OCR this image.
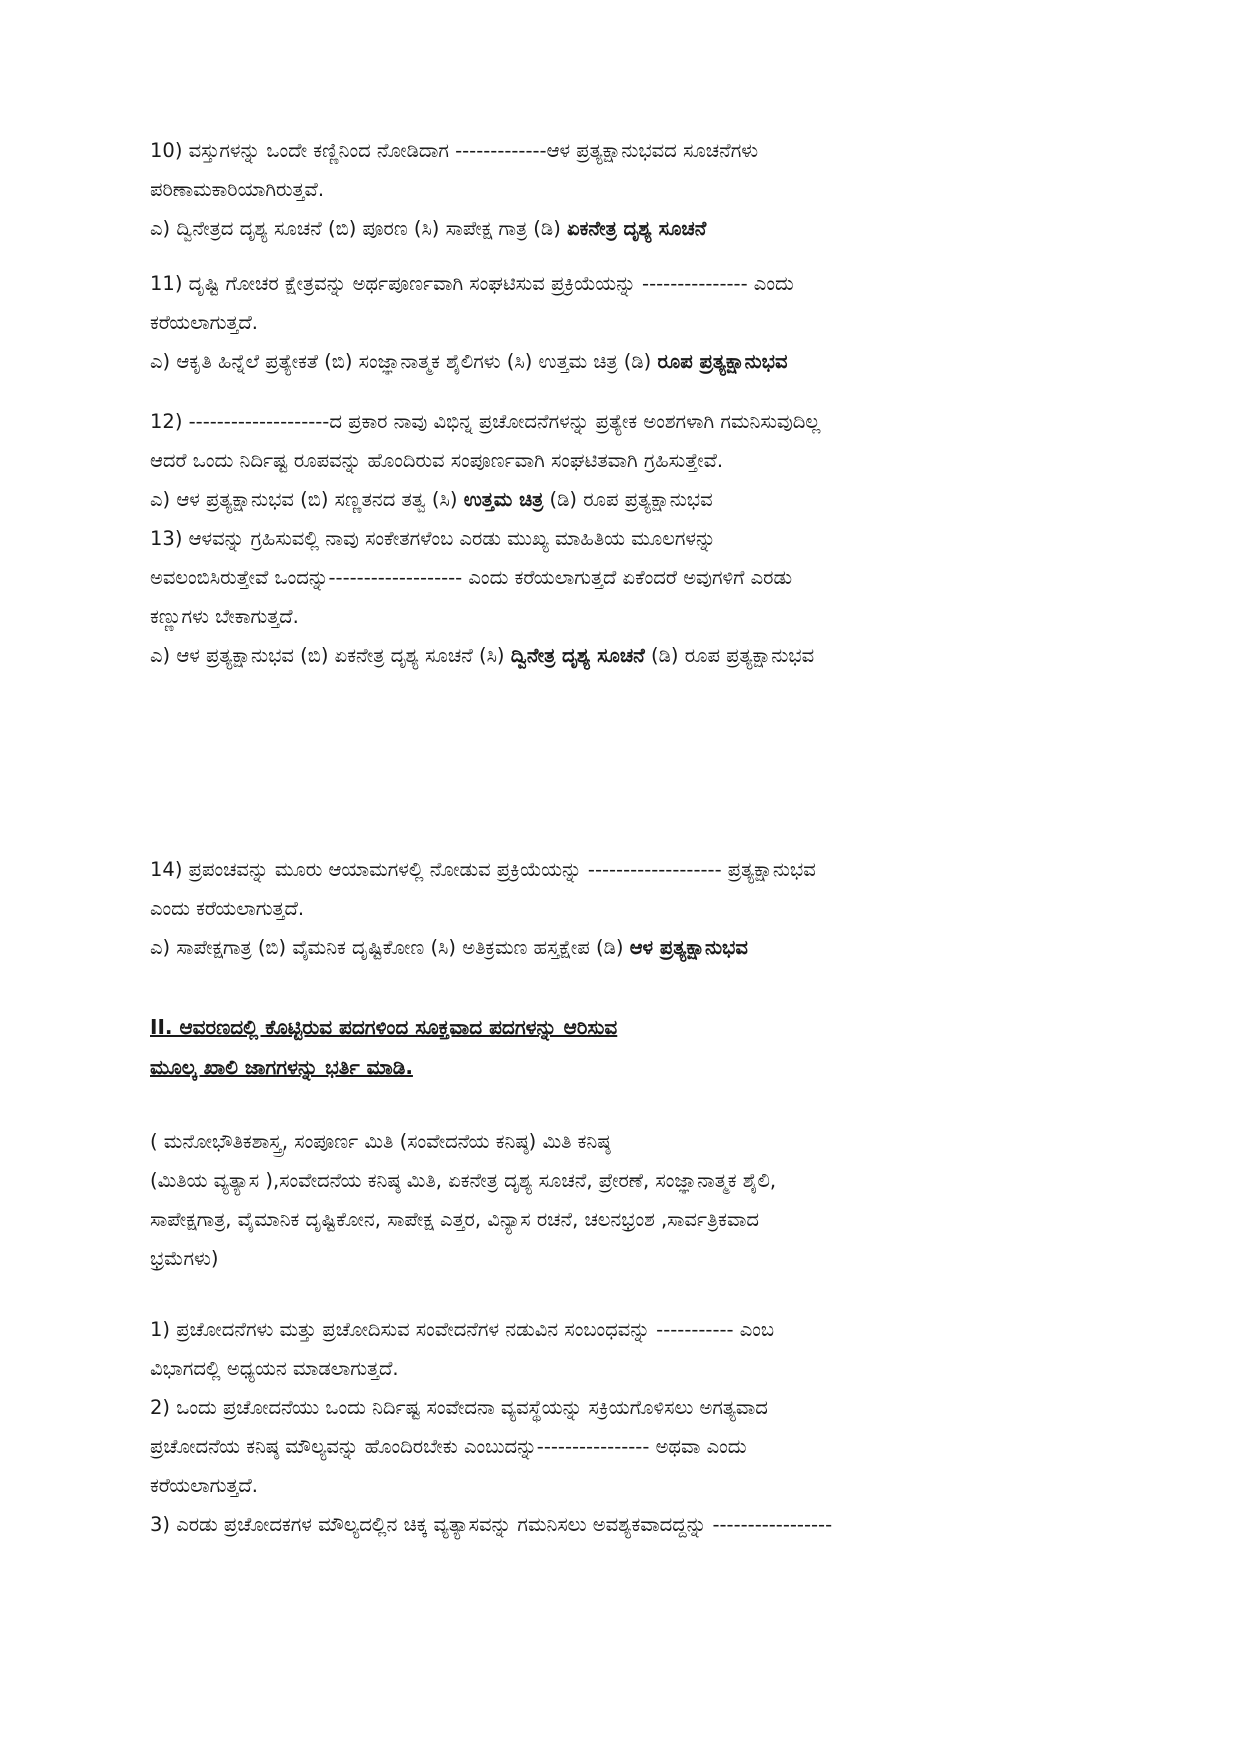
10) ವಸ್ತುಗಳನ್ನು ಒಂದೇ ಕಣ್ಣಿನಿಂದ ನೋಡಿದಾಗ -------------ಆಳ ಪ್ರತ್ಯಕ್ಷಾನುಭವದ ಸೂಚನೆಗಳು
ಪರಿಣಾಮಕಾರಿಯಾಗಿರುತ್ತವೆ.
ಎ) ದ್ವಿನೇತ್ರದ ದೃಶ್ಯ ಸೂಚನೆ (ಬಿ) ಪೂರಣ (ಸಿ) ಸಾಪೇಕ್ಷ ಗಾತ್ರ (ಡಿ) ಏಕನೇತ್ರ ದೃಶ್ಯ ಸೂಚನೆ
11) ದೃಷ್ಟಿ ಗೋಚರ ಕ್ಷೇತ್ರವನ್ನು ಅರ್ಥಪೂರ್ಣವಾಗಿ ಸಂಘಟಿಸುವ ಪ್ರಕ್ರಿಯೆಯನ್ನು --------------- ಎಂದು
ಕರೆಯಲಾಗುತ್ತದೆ.
ಎ) ಆಕೃತಿ ಹಿನ್ನೆಲೆ ಪ್ರತ್ಯೇಕತೆ (ಬಿ) ಸಂಜ್ಞಾನಾತ್ಮಕ ಶೈಲಿಗಳು (ಸಿ) ಉತ್ತಮ ಚಿತ್ರ (ಡಿ) ರೂಪ ಪ್ರತ್ಯಕ್ಷಾನುಭವ
12) --------------------ದ ಪ್ರಕಾರ ನಾವು ವಿಭಿನ್ನ ಪ್ರಚೋದನೆಗಳನ್ನು ಪ್ರತ್ಯೇಕ ಅಂಶಗಳಾಗಿ ಗಮನಿಸುವುದಿಲ್ಲ
ಆದರೆ ಒಂದು ನಿರ್ದಿಷ್ಟ ರೂಪವನ್ನು ಹೊಂದಿರುವ ಸಂಪೂರ್ಣವಾಗಿ ಸಂಘಟಿತವಾಗಿ ಗ್ರಹಿಸುತ್ತೇವೆ.
ಎ) ಆಳ ಪ್ರತ್ಯಕ್ಷಾನುಭವ (ಬಿ) ಸಣ್ಣತನದ ತತ್ವ (ಸಿ) ಉತ್ತಮ ಚಿತ್ರ (ಡಿ) ರೂಪ ಪ್ರತ್ಯಕ್ಷಾನುಭವ
13) ಆಳವನ್ನು ಗ್ರಹಿಸುವಲ್ಲಿ ನಾವು ಸಂಕೇತಗಳೆಂಬ ಎರಡು ಮುಖ್ಯ ಮಾಹಿತಿಯ ಮೂಲಗಳನ್ನು
ಅವಲಂಬಿಸಿರುತ್ತೇವೆ ಒಂದನ್ನು------------------- ಎಂದು ಕರೆಯಲಾಗುತ್ತದೆ ಏಕೆಂದರೆ ಅವುಗಳಿಗೆ ಎರಡು
ಕಣ್ಣುಗಳು ಬೇಕಾಗುತ್ತದೆ.
ಎ) ಆಳ ಪ್ರತ್ಯಕ್ಷಾನುಭವ (ಬಿ) ಏಕನೇತ್ರ ದೃಶ್ಯ ಸೂಚನೆ (ಸಿ) ದ್ವಿನೇತ್ರ ದೃಶ್ಯ ಸೂಚನೆ (ಡಿ) ರೂಪ ಪ್ರತ್ಯಕ್ಷಾನುಭವ
14) ಪ್ರಪಂಚವನ್ನು ಮೂರು ಆಯಾಮಗಳಲ್ಲಿ ನೋಡುವ ಪ್ರಕ್ರಿಯೆಯನ್ನು ------------------- ಪ್ರತ್ಯಕ್ಷಾನುಭವ
ಎಂದು ಕರೆಯಲಾಗುತ್ತದೆ.
ಎ) ಸಾಪೇಕ್ಷಗಾತ್ರ (ಬಿ) ವೈಮನಿಕ ದೃಷ್ಟಿಕೋಣ (ಸಿ) ಅತಿಕ್ರಮಣ ಹಸ್ತಕ್ಷೇಪ (ಡಿ) ಆಳ ಪ್ರತ್ಯಕ್ಷಾನುಭವ
II. ಆವರಣದಲ್ಲಿ ಕೊಟ್ಟಿರುವ ಪದಗಳಿಂದ ಸೂಕ್ತವಾದ ಪದಗಳನ್ನು ಆರಿಸುವ
ಮೂಲ್ಕ ಖಾಲಿ ಜಾಗಗಳನ್ನು ಭರ್ತಿ ಮಾಡಿ.
( ಮನೋಭೌತಿಕಶಾಸ್ತ್ರ, ಸಂಪೂರ್ಣ ಮಿತಿ (ಸಂವೇದನೆಯ ಕನಿಷ್ಠ) ಮಿತಿ ಕನಿಷ್ಠ
(ಮಿತಿಯ ವ್ಯತ್ಯಾಸ ),ಸಂವೇದನೆಯ ಕನಿಷ್ಠ ಮಿತಿ, ಏಕನೇತ್ರ ದೃಶ್ಯ ಸೂಚನೆ, ಪ್ರೇರಣೆ, ಸಂಜ್ಞಾನಾತ್ಮಕ ಶೈಲಿ,
ಸಾಪೇಕ್ಷಗಾತ್ರ, ವೈಮಾನಿಕ ದೃಷ್ಟಿಕೋನ, ಸಾಪೇಕ್ಷ ಎತ್ತರ, ವಿನ್ಯಾಸ ರಚನೆ, ಚಲನಭ್ರಂಶ ,ಸಾರ್ವತ್ರಿಕವಾದ
ಭ್ರಮೆಗಳು)
1) ಪ್ರಚೋದನೆಗಳು ಮತ್ತು ಪ್ರಚೋದಿಸುವ ಸಂವೇದನೆಗಳ ನಡುವಿನ ಸಂಬಂಧವನ್ನು ----------- ಎಂಬ
ವಿಭಾಗದಲ್ಲಿ ಅಧ್ಯಯನ ಮಾಡಲಾಗುತ್ತದೆ.
2) ಒಂದು ಪ್ರಚೋದನೆಯು ಒಂದು ನಿರ್ದಿಷ್ಟ ಸಂವೇದನಾ ವ್ಯವಸ್ಥೆಯನ್ನು ಸಕ್ರಿಯಗೊಳಿಸಲು ಅಗತ್ಯವಾದ
ಪ್ರಚೋದನೆಯ ಕನಿಷ್ಠ ಮೌಲ್ಯವನ್ನು ಹೊಂದಿರಬೇಕು ಎಂಬುದನ್ನು---------------- ಅಥವಾ ಎಂದು
ಕರೆಯಲಾಗುತ್ತದೆ.
3) ಎರಡು ಪ್ರಚೋದಕಗಳ ಮೌಲ್ಯದಲ್ಲಿನ ಚಿಕ್ಕ ವ್ಯತ್ಯಾಸವನ್ನು ಗಮನಿಸಲು ಅವಶ್ಯಕವಾದದ್ದನ್ನು -----------------
